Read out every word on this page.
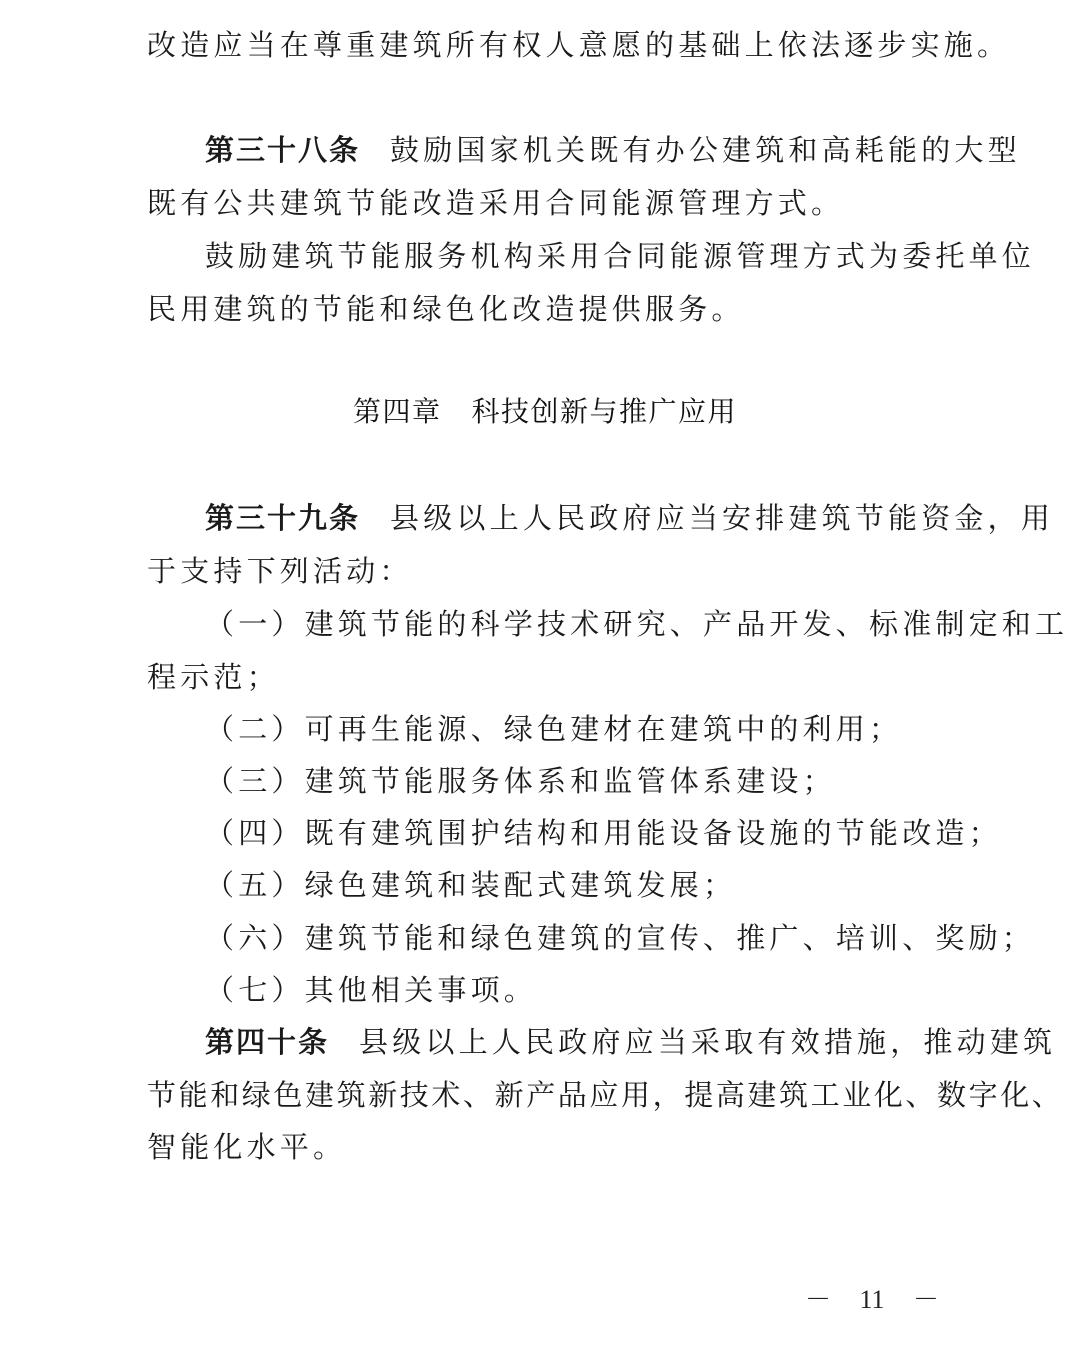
改造应当在尊重建筑所有权人意愿的基础上依法逐步实施。
第三十八条 鼓励国家机关既有办公建筑和高耗能的大型
既有公共建筑节能改造采用合同能源管理方式。
鼓励建筑节能服务机构采用合同能源管理方式为委托单位
民用建筑的节能和绿色化改造提供服务。
第四章 科技创新与推广应用
第三十九条 县级以上人民政府应当安排建筑节能资金，用
于支持下列活动：
（一）建筑节能的科学技术研究、产品开发、标准制定和工
程示范；
（二）可再生能源、绿色建材在建筑中的利用；
（三）建筑节能服务体系和监管体系建设；
（四）既有建筑围护结构和用能设备设施的节能改造；
（五）绿色建筑和装配式建筑发展；
（六）建筑节能和绿色建筑的宣传、推广、培训、奖励；
（七）其他相关事项。
第四十条 县级以上人民政府应当采取有效措施，推动建筑
节能和绿色建筑新技术、新产品应用，提高建筑工业化、数字化、
智能化水平。
－ 11 －
